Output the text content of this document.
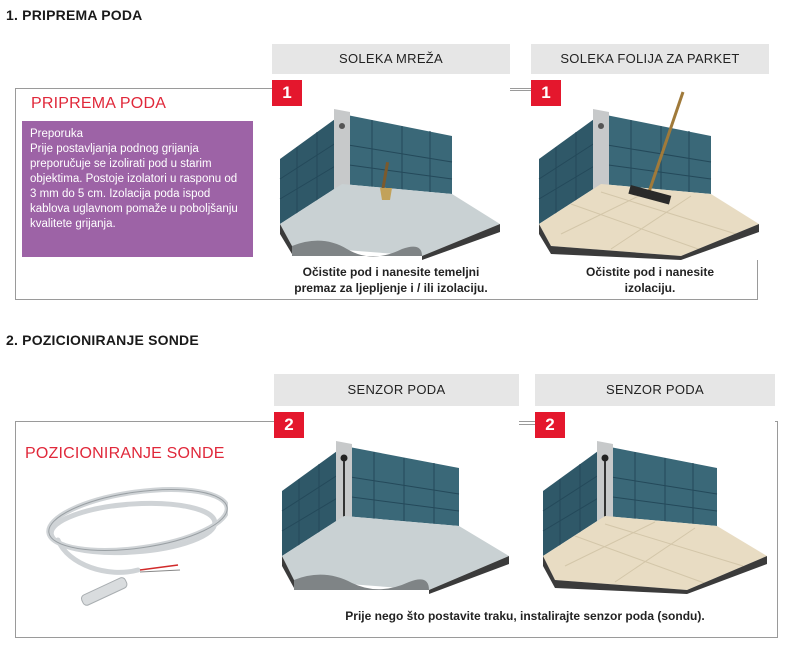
1. PRIPREMA PODA
PRIPREMA PODA
Preporuka
Prije postavljanja podnog grijanja preporučuje se izolirati pod u starim objektima. Postoje izolatori u rasponu od 3 mm do 5 cm. Izolacija poda ispod kablova uglavnom pomaže u poboljšanju kvalitete grijanja.
SOLEKA MREŽA
1
Očistite pod i nanesite temeljni premaz za ljepljenje i / ili izolaciju.
SOLEKA FOLIJA ZA PARKET
1
Očistite pod i nanesite izolaciju.
2. POZICIONIRANJE SONDE
POZICIONIRANJE SONDE
SENZOR PODA
2
SENZOR PODA
2
Prije nego što postavite traku, instalirajte senzor poda (sondu).
